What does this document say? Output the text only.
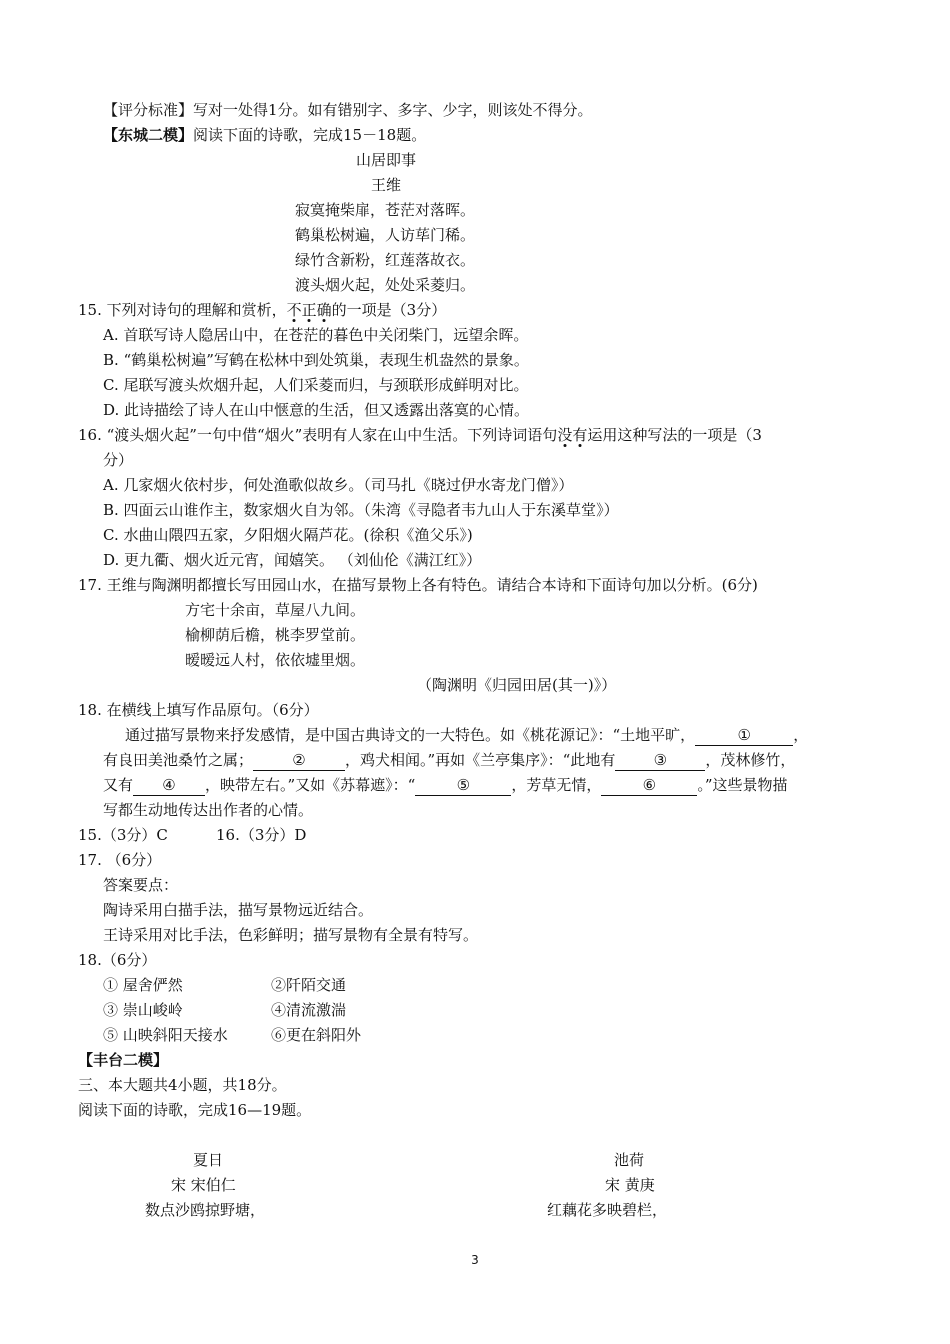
【评分标准】写对一处得1分。如有错别字、多字、少字，则该处不得分。
【东城二模】阅读下面的诗歌，完成15－18题。
山居即事
王维
寂寞掩柴扉，苍茫对落晖。
鹤巢松树遍，人访荜门稀。
绿竹含新粉，红莲落故衣。
渡头烟火起，处处采菱归。
15. 下列对诗句的理解和赏析，不正确的一项是（3分）
A. 首联写诗人隐居山中，在苍茫的暮色中关闭柴门，远望余晖。
B. “鹤巢松树遍”写鹤在松林中到处筑巢，表现生机盎然的景象。
C. 尾联写渡头炊烟升起，人们采菱而归，与颈联形成鲜明对比。
D. 此诗描绘了诗人在山中惬意的生活，但又透露出落寞的心情。
16. “渡头烟火起”一句中借“烟火”表明有人家在山中生活。下列诗词语句没有运用这种写法的一项是（3
分）
A. 几家烟火依村步，何处渔歌似故乡。（司马扎《晓过伊水寄龙门僧》）
B. 四面云山谁作主，数家烟火自为邻。（朱湾《寻隐者韦九山人于东溪草堂》）
C. 水曲山隈四五家，夕阳烟火隔芦花。(徐积《渔父乐》)
D. 更九衢、烟火近元宵，闻嬉笑。 （刘仙伦《满江红》）
17. 王维与陶渊明都擅长写田园山水，在描写景物上各有特色。请结合本诗和下面诗句加以分析。(6分)
方宅十余亩，草屋八九间。
榆柳荫后檐，桃李罗堂前。
暧暧远人村，依依墟里烟。
（陶渊明《归园田居(其一)》）
18. 在横线上填写作品原句。（6分）
通过描写景物来抒发感情，是中国古典诗文的一大特色。如《桃花源记》：“土地平旷，	①	，
有良田美池桑竹之属；	②	，鸡犬相闻。”再如《兰亭集序》：“此地有	③	，茂林修竹，
又有 ④ ，映带左右。”又如《苏幕遮》：“	⑤	，芳草无情，	⑥	。”这些景物描
写都生动地传达出作者的心情。
15.（3分）C	16.（3分）D
17. （6分）
答案要点：
陶诗采用白描手法，描写景物远近结合。
王诗采用对比手法，色彩鲜明；描写景物有全景有特写。
18.（6分）
① 屋舍俨然	②阡陌交通
③ 崇山峻岭	④清流激湍
⑤ 山映斜阳天接水	⑥更在斜阳外
【丰台二模】
三、本大题共4小题，共18分。
阅读下面的诗歌，完成16—19题。
夏日	池荷
宋 宋伯仁	宋 黄庚
数点沙鸥掠野塘，	红藕花多映碧栏，
3
